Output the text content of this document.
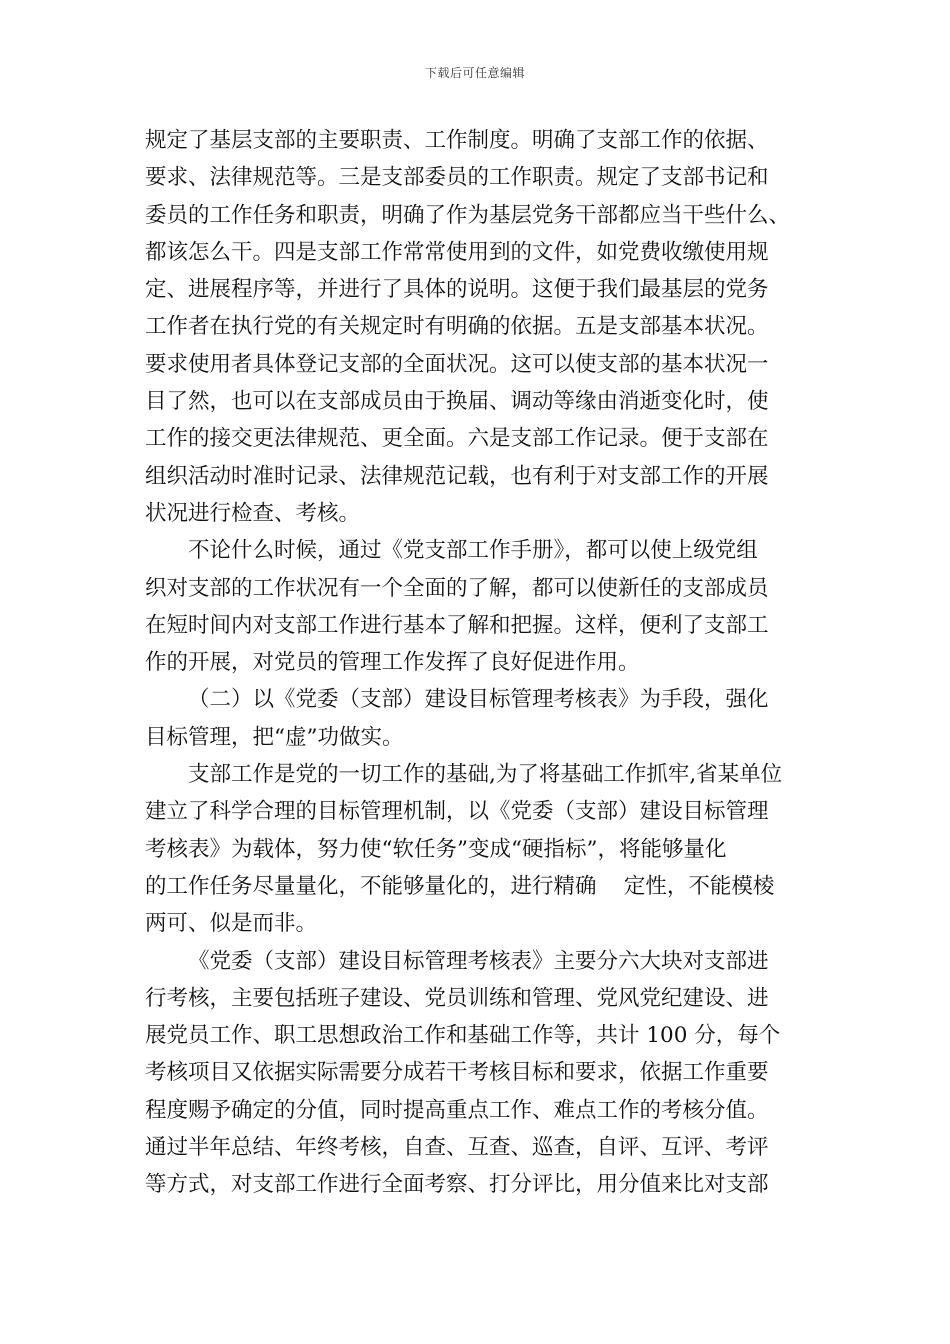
下载后可任意编辑
规定了基层支部的主要职责、工作制度。明确了支部工作的依据、
要求、法律规范等。三是支部委员的工作职责。规定了支部书记和
委员的工作任务和职责，明确了作为基层党务干部都应当干些什么、
都该怎么干。四是支部工作常常使用到的文件，如党费收缴使用规
定、进展程序等，并进行了具体的说明。这便于我们最基层的党务
工作者在执行党的有关规定时有明确的依据。五是支部基本状况。
要求使用者具体登记支部的全面状况。这可以使支部的基本状况一
目了然，也可以在支部成员由于换届、调动等缘由消逝变化时，使
工作的接交更法律规范、更全面。六是支部工作记录。便于支部在
组织活动时准时记录、法律规范记载，也有利于对支部工作的开展
状况进行检查、考核。
不论什么时候，通过《党支部工作手册》，都可以使上级党组
织对支部的工作状况有一个全面的了解，都可以使新任的支部成员
在短时间内对支部工作进行基本了解和把握。这样，便利了支部工
作的开展，对党员的管理工作发挥了良好促进作用。
（二）以《党委（支部）建设目标管理考核表》为手段，强化
目标管理，把“虚”功做实。
支部工作是党的一切工作的基础,为了将基础工作抓牢,省某单位
建立了科学合理的目标管理机制，以《党委（支部）建设目标管理
考核表》为载体，努力使“软任务”变成“硬指标”，将能够量化
的工作任务尽量量化，不能够量化的，进行精确    定性，不能模棱
两可、似是而非。
《党委（支部）建设目标管理考核表》主要分六大块对支部进
行考核，主要包括班子建设、党员训练和管理、党风党纪建设、进
展党员工作、职工思想政治工作和基础工作等，共计 100 分，每个
考核项目又依据实际需要分成若干考核目标和要求，依据工作重要
程度赐予确定的分值，同时提高重点工作、难点工作的考核分值。
通过半年总结、年终考核，自查、互查、巡查，自评、互评、考评
等方式，对支部工作进行全面考察、打分评比，用分值来比对支部
